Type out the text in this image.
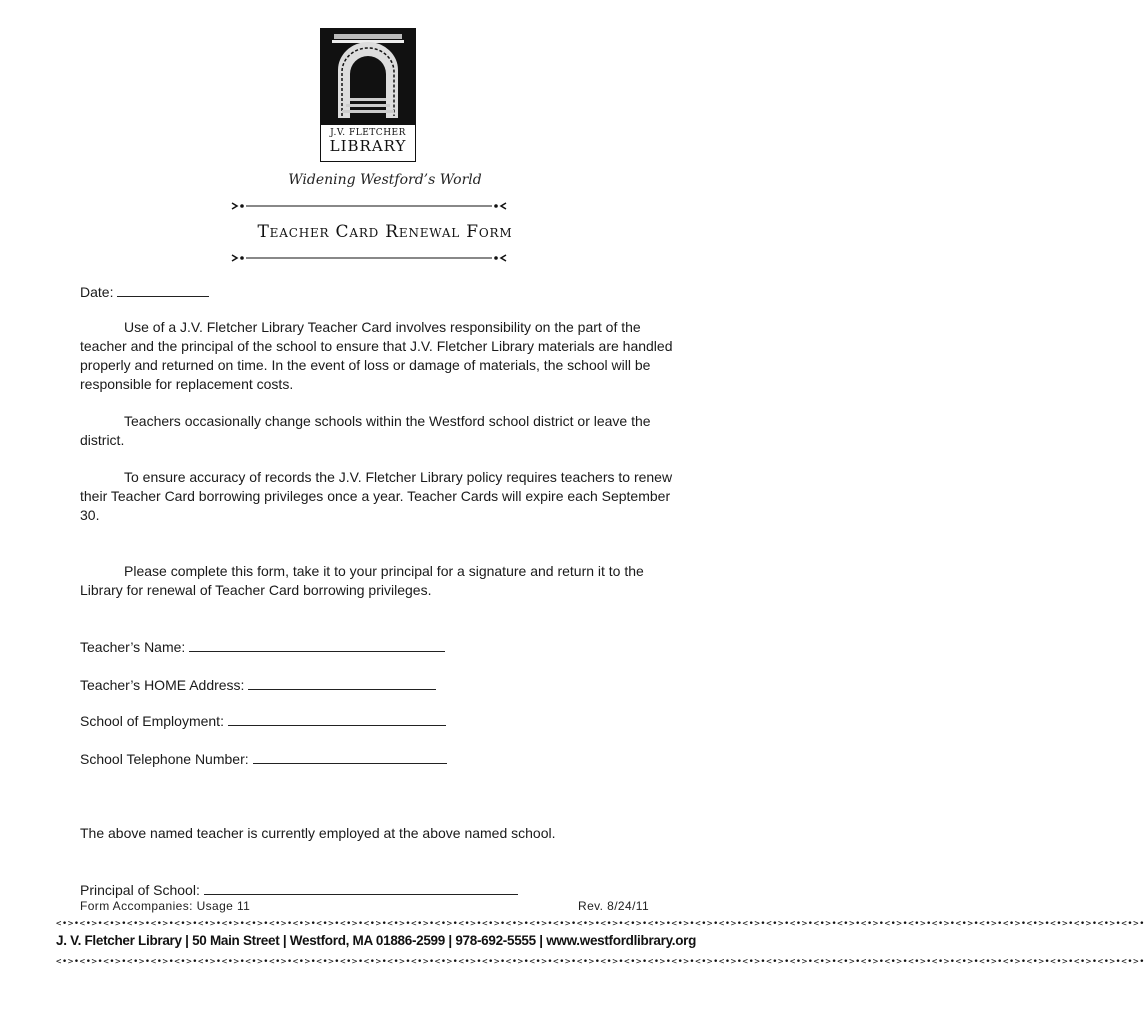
J.V. FLETCHER
LIBRARY
Widening Westford’s World
Teacher Card Renewal Form
Date:
Use of a J.V. Fletcher Library Teacher Card involves responsibility on the part of the teacher and the principal of the school to ensure that J.V. Fletcher Library materials are handled properly and returned on time. In the event of loss or damage of materials, the school will be responsible for replacement costs.
Teachers occasionally change schools within the Westford school district or leave the district.
To ensure accuracy of records the J.V. Fletcher Library policy requires teachers to renew their Teacher Card borrowing privileges once a year. Teacher Cards will expire each September 30.
Please complete this form, take it to your principal for a signature and return it to the Library for renewal of Teacher Card borrowing privileges.
Teacher’s Name:
Teacher’s HOME Address:
School of Employment:
School Telephone Number:
The above named teacher is currently employed at the above named school.
Principal of School:
Form Accompanies: Usage 11	Rev. 8/24/11
<•>•<•>•<•>•<•>•<•>•<•>•<•>•<•>•<•>•<•>•<•>•<•>•<•>•<•>•<•>•<•>•<•>•<•>•<•>•<•>•<•>•<•>•<•>•<•>•<•>•<•>•<•>•<•>•<•>•<•>•<•>•<•>•<•>•<•>•<•>•<•>•<•>•<•>•<•>•<•>•<•>•<•>•<•>•<•>•<•>•<•>•
J. V. Fletcher Library | 50 Main Street | Westford, MA 01886-2599 | 978-692-5555 | www.westfordlibrary.org
<•>•<•>•<•>•<•>•<•>•<•>•<•>•<•>•<•>•<•>•<•>•<•>•<•>•<•>•<•>•<•>•<•>•<•>•<•>•<•>•<•>•<•>•<•>•<•>•<•>•<•>•<•>•<•>•<•>•<•>•<•>•<•>•<•>•<•>•<•>•<•>•<•>•<•>•<•>•<•>•<•>•<•>•<•>•<•>•<•>•<•>•
